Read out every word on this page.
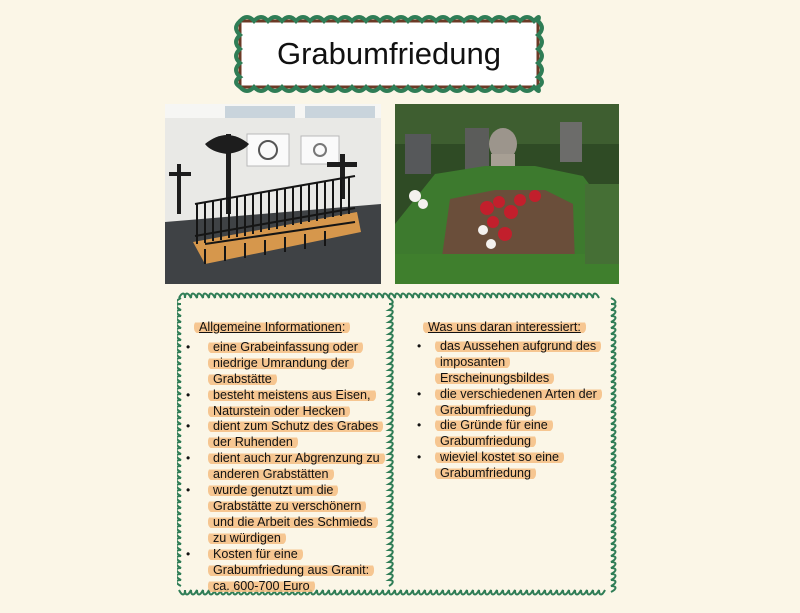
Grabumfriedung
Allgemeine Informationen:
• eine Grabeinfassung oder niedrige Umrandung der Grabstätte
• besteht meistens aus Eisen, Naturstein oder Hecken
• dient zum Schutz des Grabes der Ruhenden
• dient auch zur Abgrenzung zu anderen Grabstätten
• wurde genutzt um die Grabstätte zu verschönern und die Arbeit des Schmieds zu würdigen
• Kosten für eine Grabumfriedung aus Granit: ca. 600-700 Euro
Was uns daran interessiert:
• das Aussehen aufgrund des imposanten Erscheinungsbildes
• die verschiedenen Arten der Grabumfriedung
• die Gründe für eine Grabumfriedung
• wieviel kostet so eine Grabumfriedung
